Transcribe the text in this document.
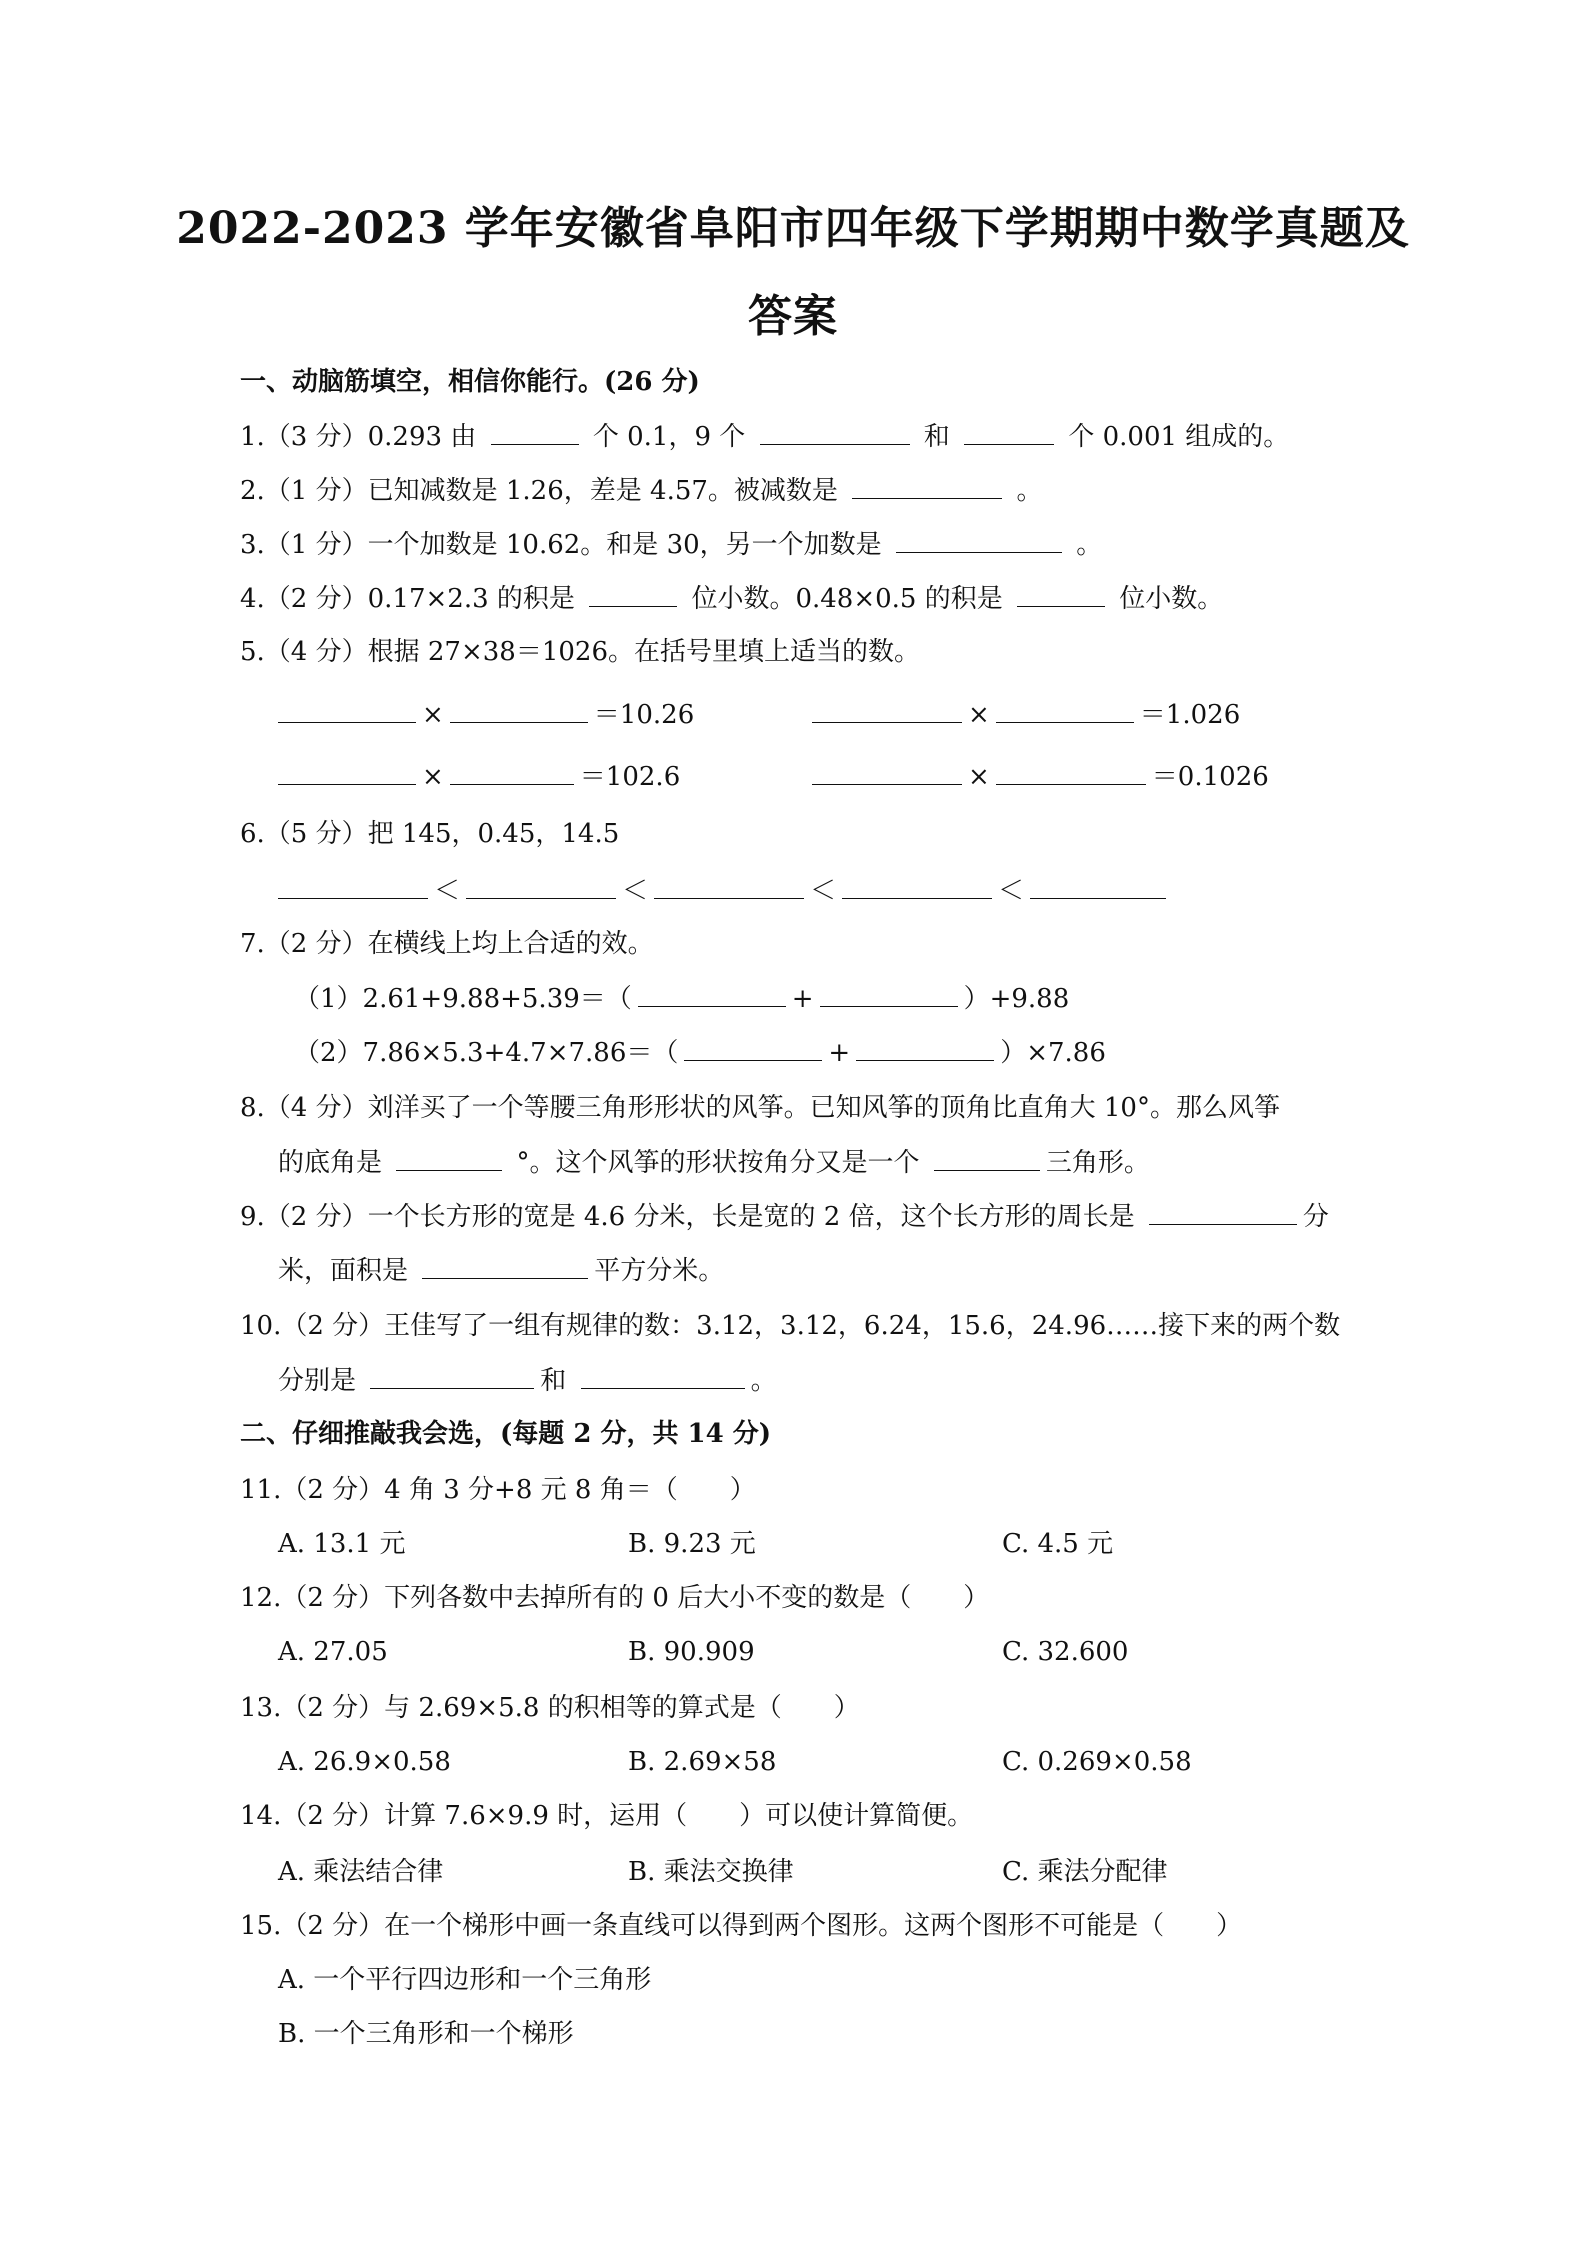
2022-2023 学年安徽省阜阳市四年级下学期期中数学真题及
答案
一、动脑筋填空，相信你能行。(26 分)
1.（3 分）0.293 由	个 0.1，9 个	和	个 0.001 组成的。
2.（1 分）已知减数是 1.26，差是 4.57。被减数是	。
3.（1 分）一个加数是 10.62。和是 30，另一个加数是	。
4.（2 分）0.17×2.3 的积是	位小数。0.48×0.5 的积是	位小数。
5.（4 分）根据 27×38＝1026。在括号里填上适当的数。
×	＝10.26	×	＝1.026
×	＝102.6	×	＝0.1026
6.（5 分）把 145，0.45，14.5
＜	＜	＜	＜
7.（2 分）在横线上均上合适的效。
（1）2.61+9.88+5.39＝（	+	）+9.88
（2）7.86×5.3+4.7×7.86＝（	+	）×7.86
8.（4 分）刘洋买了一个等腰三角形形状的风筝。已知风筝的顶角比直角大 10°。那么风筝
的底角是	°。这个风筝的形状按角分又是一个	三角形。
9.（2 分）一个长方形的宽是 4.6 分米，长是宽的 2 倍，这个长方形的周长是	分
米，面积是	平方分米。
10.（2 分）王佳写了一组有规律的数：3.12，3.12，6.24，15.6，24.96……接下来的两个数
分别是	和	。
二、仔细推敲我会选，(每题 2 分，共 14 分)
11.（2 分）4 角 3 分+8 元 8 角＝（　　）
A. 13.1 元	B. 9.23 元	C. 4.5 元
12.（2 分）下列各数中去掉所有的 0 后大小不变的数是（　　）
A. 27.05	B. 90.909	C. 32.600
13.（2 分）与 2.69×5.8 的积相等的算式是（　　）
A. 26.9×0.58	B. 2.69×58	C. 0.269×0.58
14.（2 分）计算 7.6×9.9 时，运用（　　）可以使计算简便。
A. 乘法结合律	B. 乘法交换律	C. 乘法分配律
15.（2 分）在一个梯形中画一条直线可以得到两个图形。这两个图形不可能是（　　）
A. 一个平行四边形和一个三角形
B. 一个三角形和一个梯形
